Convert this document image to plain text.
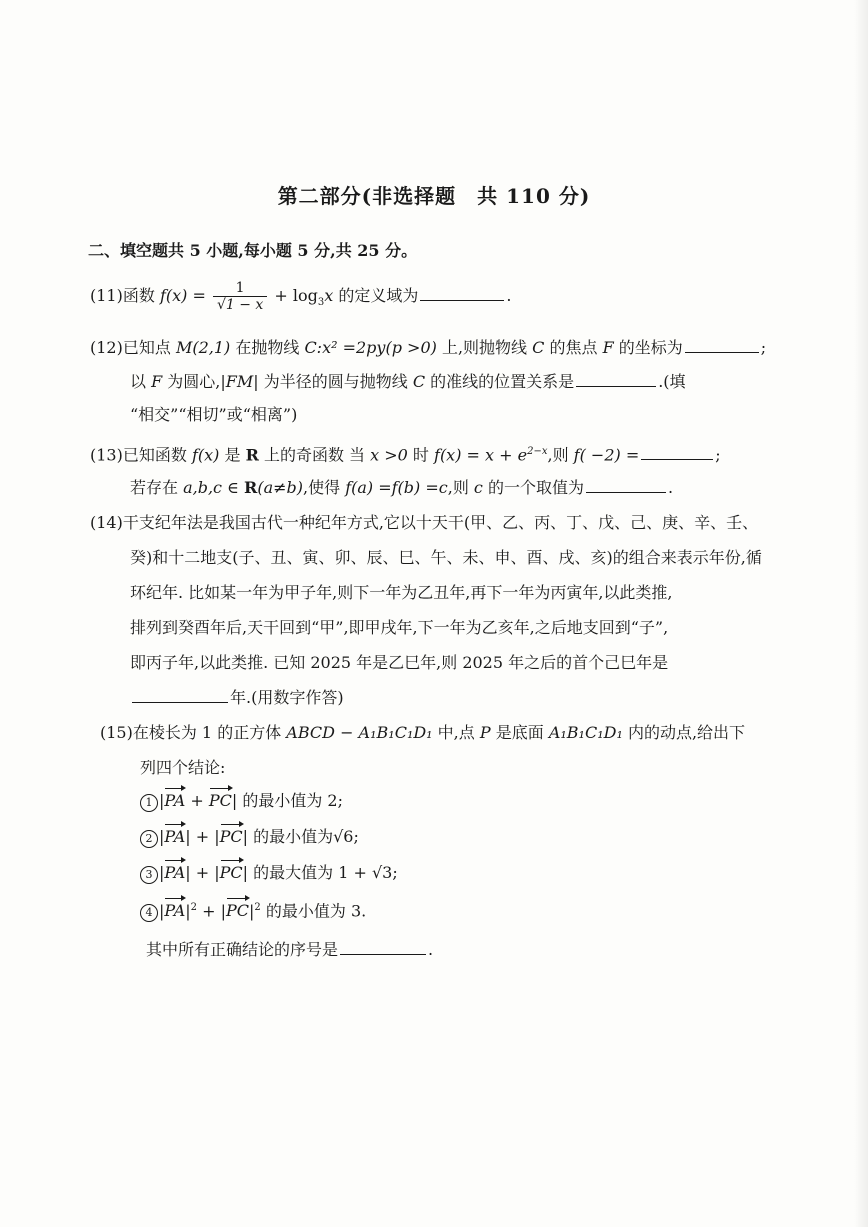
第二部分(非选择题　共 110 分)
二、填空题共 5 小题,每小题 5 分,共 25 分。
(11)函数 $f(x) = \frac{1}{√1 - x} + \log_3x$ 的定义域为	.
(12)已知点 M(2,1) 在抛物线 C:x² =2py(p >0) 上,则抛物线 C 的焦点 F 的坐标为	;
以 F 为圆心,|FM| 为半径的圆与抛物线 C 的准线的位置关系是	.(填
“相交”“相切”或“相离”)
(13)已知函数 f(x) 是 R 上的奇函数 当 x >0 时 $f(x) = x + e^{2-x}$,则 f( −2) =	;
若存在 a,b,c ∈ R(a≠b),使得 f(a) =f(b) =c,则 c 的一个取值为	.
(14)干支纪年法是我国古代一种纪年方式,它以十天干(甲、乙、丙、丁、戊、己、庚、辛、壬、
癸)和十二地支(子、丑、寅、卯、辰、巳、午、未、申、酉、戌、亥)的组合来表示年份,循
环纪年. 比如某一年为甲子年,则下一年为乙丑年,再下一年为丙寅年,以此类推,
排列到癸酉年后,天干回到“甲”,即甲戌年,下一年为乙亥年,之后地支回到“子”,
即丙子年,以此类推. 已知 2025 年是乙巳年,则 2025 年之后的首个己巳年是
年.(用数字作答)
(15)在棱长为 1 的正方体 ABCD − A₁B₁C₁D₁ 中,点 P 是底面 A₁B₁C₁D₁ 内的动点,给出下
列四个结论:
1 |PA + PC| 的最小值为 2;
2 |PA| + |PC| 的最小值为√6;
3 |PA| + |PC| 的最大值为 1 + √3;
4 $|PA|^2 + |PC|^2$ 的最小值为 3.
其中所有正确结论的序号是	.
